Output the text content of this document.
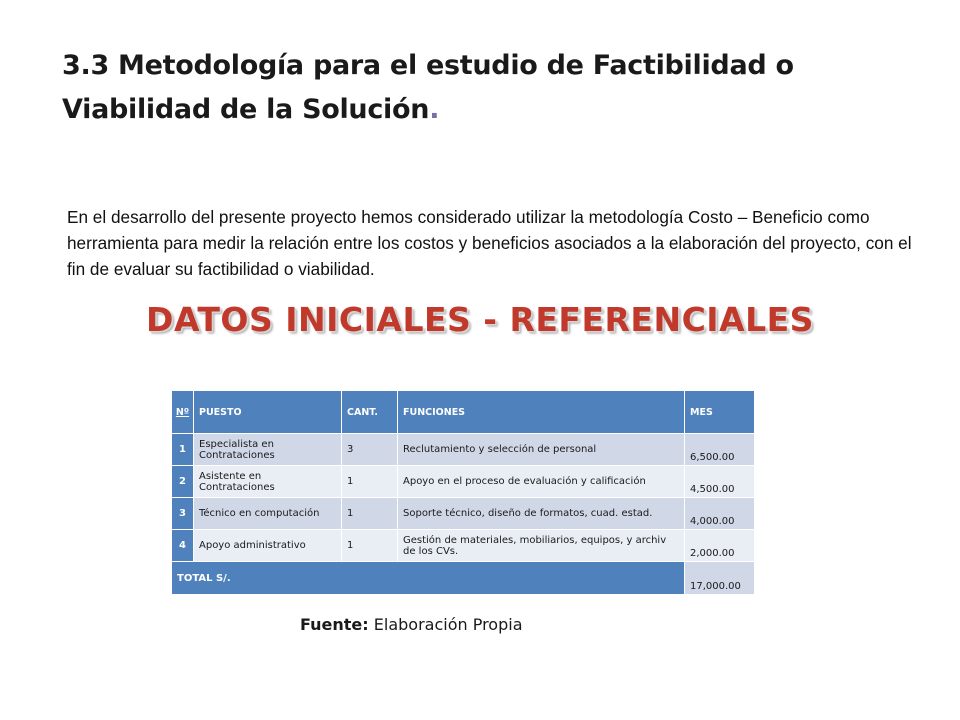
3.3 Metodología para el estudio de Factibilidad o Viabilidad de la Solución.

En el desarrollo del presente proyecto hemos considerado utilizar la metodología Costo – Beneficio como herramienta para medir la relación entre los costos y beneficios asociados a la elaboración del proyecto, con el fin de evaluar su factibilidad o viabilidad.

DATOS INICIALES - REFERENCIALES
Nº	PUESTO	CANT.	FUNCIONES	MES
1	Especialista en Contrataciones	3	Reclutamiento y selección de personal	6,500.00
2	Asistente en Contrataciones	1	Apoyo en el proceso de evaluación y calificación	4,500.00
3	Técnico en computación	1	Soporte técnico, diseño de formatos, cuad. estad.	4,000.00
4	Apoyo administrativo	1	Gestión de materiales, mobiliarios, equipos, y archiv de los CVs.	2,000.00
TOTAL S/.				17,000.00

Fuente: Elaboración Propia
